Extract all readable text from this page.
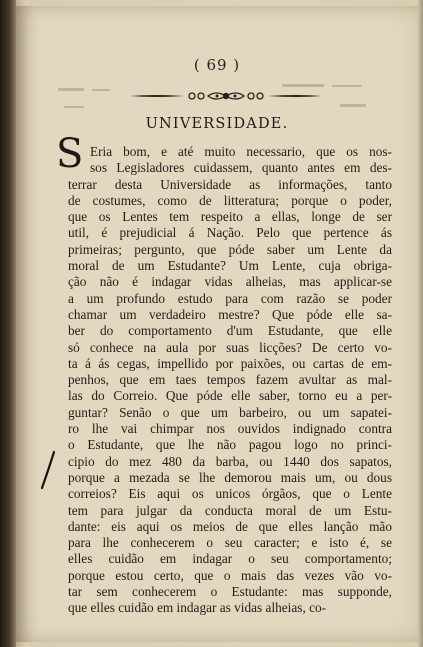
( 69 )
UNIVERSIDADE.
S Eria bom, e até muito necessario, que os nos-
sos Legisladores cuidassem, quanto antes em des-
terrar desta Universidade as informações, tanto
de costumes, como de litteratura; porque o poder,
que os Lentes tem respeito a ellas, longe de ser
util, é prejudicial á Nação. Pelo que pertence ás
primeiras; pergunto, que póde saber um Lente da
moral de um Estudante? Um Lente, cuja obriga-
ção não é indagar vidas alheias, mas applicar-se
a um profundo estudo para com razão se poder
chamar um verdadeiro mestre? Que póde elle sa-
ber do comportamento d'um Estudante, que elle
só conhece na aula por suas licções? De certo vo-
ta á ás cegas, impellido por paixões, ou cartas de em-
penhos, que em taes tempos fazem avultar as mal-
las do Correio. Que póde elle saber, torno eu a per-
guntar? Senão o que um barbeiro, ou um sapatei-
ro lhe vai chimpar nos ouvidos indignado contra
o Estudante, que lhe não pagou logo no princi-
cipio do mez 480 da barba, ou 1440 dos sapatos,
porque a mezada se lhe demorou mais um, ou dous
correios? Eis aqui os unicos órgãos, que o Lente
tem para julgar da conducta moral de um Estu-
dante: eis aqui os meios de que elles lanção mão
para lhe conhecerem o seu caracter; e isto é, se
elles cuidão em indagar o seu comportamento;
porque estou certo, que o mais das vezes vão vo-
tar sem conhecerem o Estudante: mas supponde,
que elles cuidão em indagar as vidas alheias, co-
